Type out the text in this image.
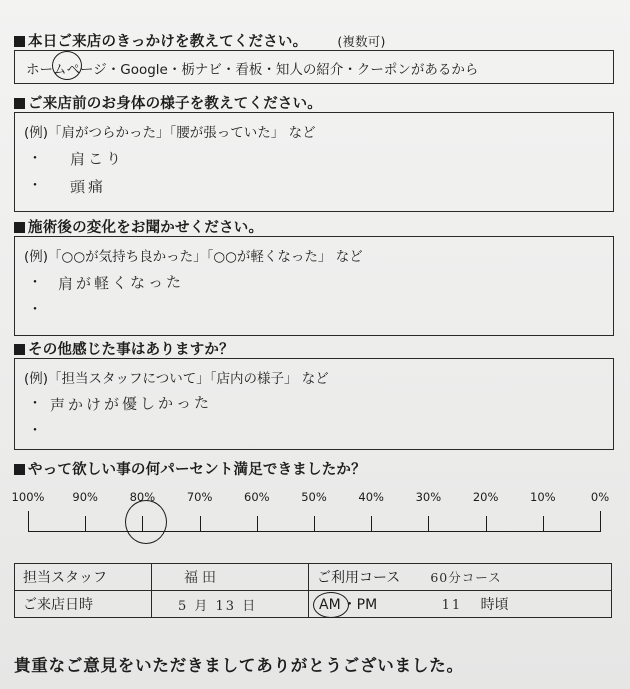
本日ご来店のきっかけを教えてください。 (複数可)
ホームページ・Google・栃ナビ・看板・知人の紹介・クーポンがあるから
ご来店前のお身体の様子を教えてください。
(例)「肩がつらかった」「腰が張っていた」 など
・
・
肩こり
頭痛
施術後の変化をお聞かせください。
(例)「○○が気持ち良かった」「○○が軽くなった」 など
・
・
肩が軽くなった
その他感じた事はありますか？
(例)「担当スタッフについて」「店内の様子」 など
・
・
声かけが優しかった
やって欲しい事の何パーセント満足できましたか？
100% 90%	80%	70%	60%	50%	40%	30%	20%	10%	0%
担当スタッフ	福田	ご利用コース 60分コース
ご来店日時	5 月 13 日	AM ・PM 11 時頃
貴重なご意見をいただきましてありがとうございました。
